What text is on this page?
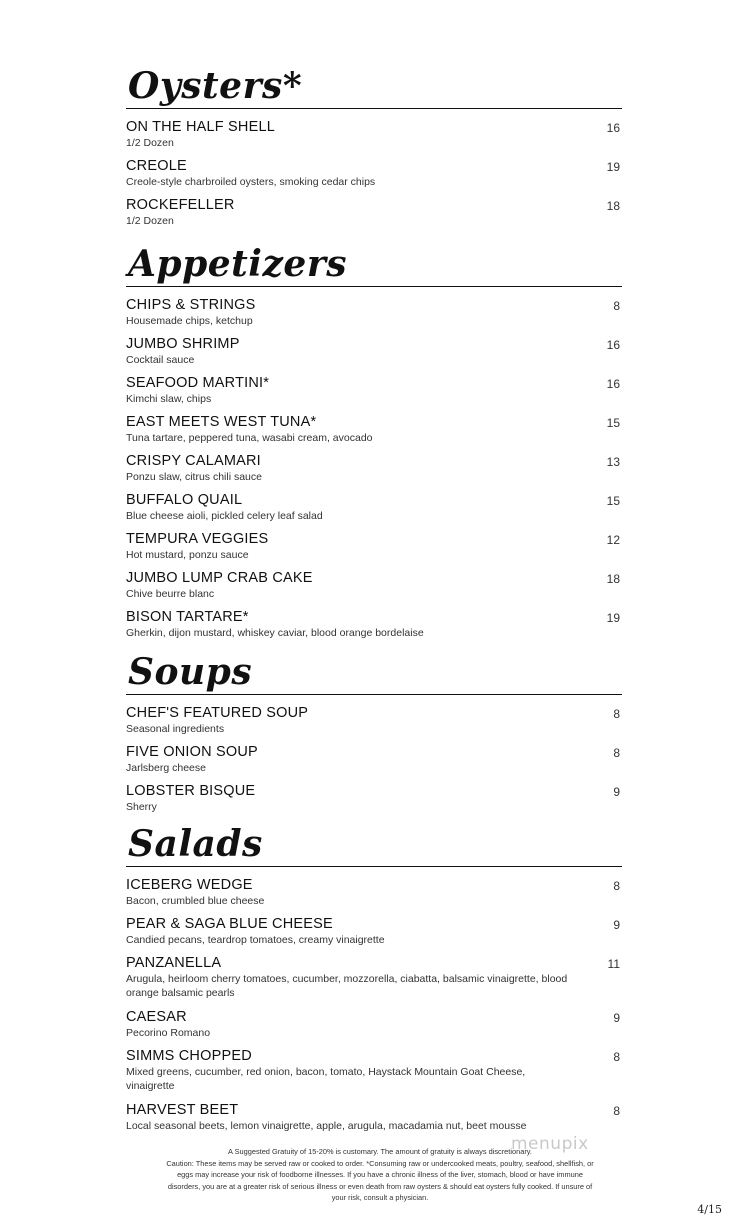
Oysters*
ON THE HALF SHELL
1/2 Dozen
16
CREOLE
Creole-style charbroiled oysters, smoking cedar chips
19
ROCKEFELLER
1/2 Dozen
18
Appetizers
CHIPS & STRINGS
Housemade chips, ketchup
8
JUMBO SHRIMP
Cocktail sauce
16
SEAFOOD MARTINI*
Kimchi slaw, chips
16
EAST MEETS WEST TUNA*
Tuna tartare, peppered tuna, wasabi cream, avocado
15
CRISPY CALAMARI
Ponzu slaw, citrus chili sauce
13
BUFFALO QUAIL
Blue cheese aioli, pickled celery leaf salad
15
TEMPURA VEGGIES
Hot mustard, ponzu sauce
12
JUMBO LUMP CRAB CAKE
Chive beurre blanc
18
BISON TARTARE*
Gherkin, dijon mustard, whiskey caviar, blood orange bordelaise
19
Soups
CHEF'S FEATURED SOUP
Seasonal ingredients
8
FIVE ONION SOUP
Jarlsberg cheese
8
LOBSTER BISQUE
Sherry
9
Salads
ICEBERG WEDGE
Bacon, crumbled blue cheese
8
PEAR & SAGA BLUE CHEESE
Candied pecans, teardrop tomatoes, creamy vinaigrette
9
PANZANELLA
Arugula, heirloom cherry tomatoes, cucumber, mozzorella, ciabatta, balsamic vinaigrette, blood orange balsamic pearls
11
CAESAR
Pecorino Romano
9
SIMMS CHOPPED
Mixed greens, cucumber, red onion, bacon, tomato, Haystack Mountain Goat Cheese, vinaigrette
8
HARVEST BEET
Local seasonal beets, lemon vinaigrette, apple, arugula, macadamia nut, beet mousse
8
menupix
A Suggested Gratuity of 15-20% is customary. The amount of gratuity is always discretionary.
Caution: These items may be served raw or cooked to order. *Consuming raw or undercooked meats, poultry, seafood, shellfish, or eggs may increase your risk of foodborne illnesses. If you have a chronic illness of the liver, stomach, blood or have immune disorders, you are at a greater risk of serious illness or even death from raw oysters & should eat oysters fully cooked. If unsure of your risk, consult a physician.
4/15
